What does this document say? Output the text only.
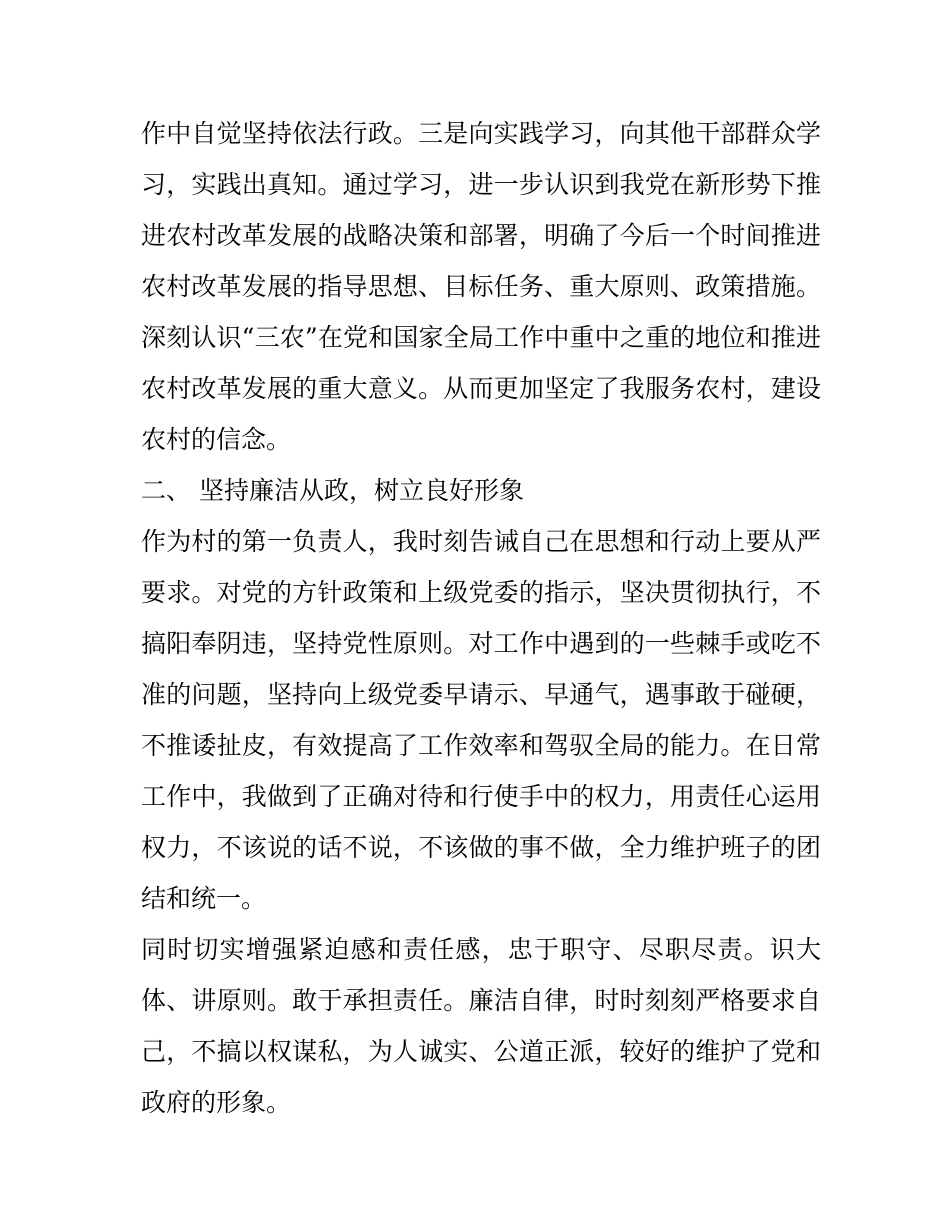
作中自觉坚持依法行政。三是向实践学习，向其他干部群众学
习，实践出真知。通过学习，进一步认识到我党在新形势下推
进农村改革发展的战略决策和部署，明确了今后一个时间推进
农村改革发展的指导思想、目标任务、重大原则、政策措施。
深刻认识“三农”在党和国家全局工作中重中之重的地位和推进
农村改革发展的重大意义。从而更加坚定了我服务农村，建设
农村的信念。
二、 坚持廉洁从政，树立良好形象
作为村的第一负责人，我时刻告诫自己在思想和行动上要从严
要求。对党的方针政策和上级党委的指示，坚决贯彻执行，不
搞阳奉阴违，坚持党性原则。对工作中遇到的一些棘手或吃不
准的问题，坚持向上级党委早请示、早通气，遇事敢于碰硬，
不推诿扯皮，有效提高了工作效率和驾驭全局的能力。在日常
工作中，我做到了正确对待和行使手中的权力，用责任心运用
权力，不该说的话不说，不该做的事不做，全力维护班子的团
结和统一。
同时切实增强紧迫感和责任感，忠于职守、尽职尽责。识大
体、讲原则。敢于承担责任。廉洁自律，时时刻刻严格要求自
己，不搞以权谋私，为人诚实、公道正派，较好的维护了党和
政府的形象。
